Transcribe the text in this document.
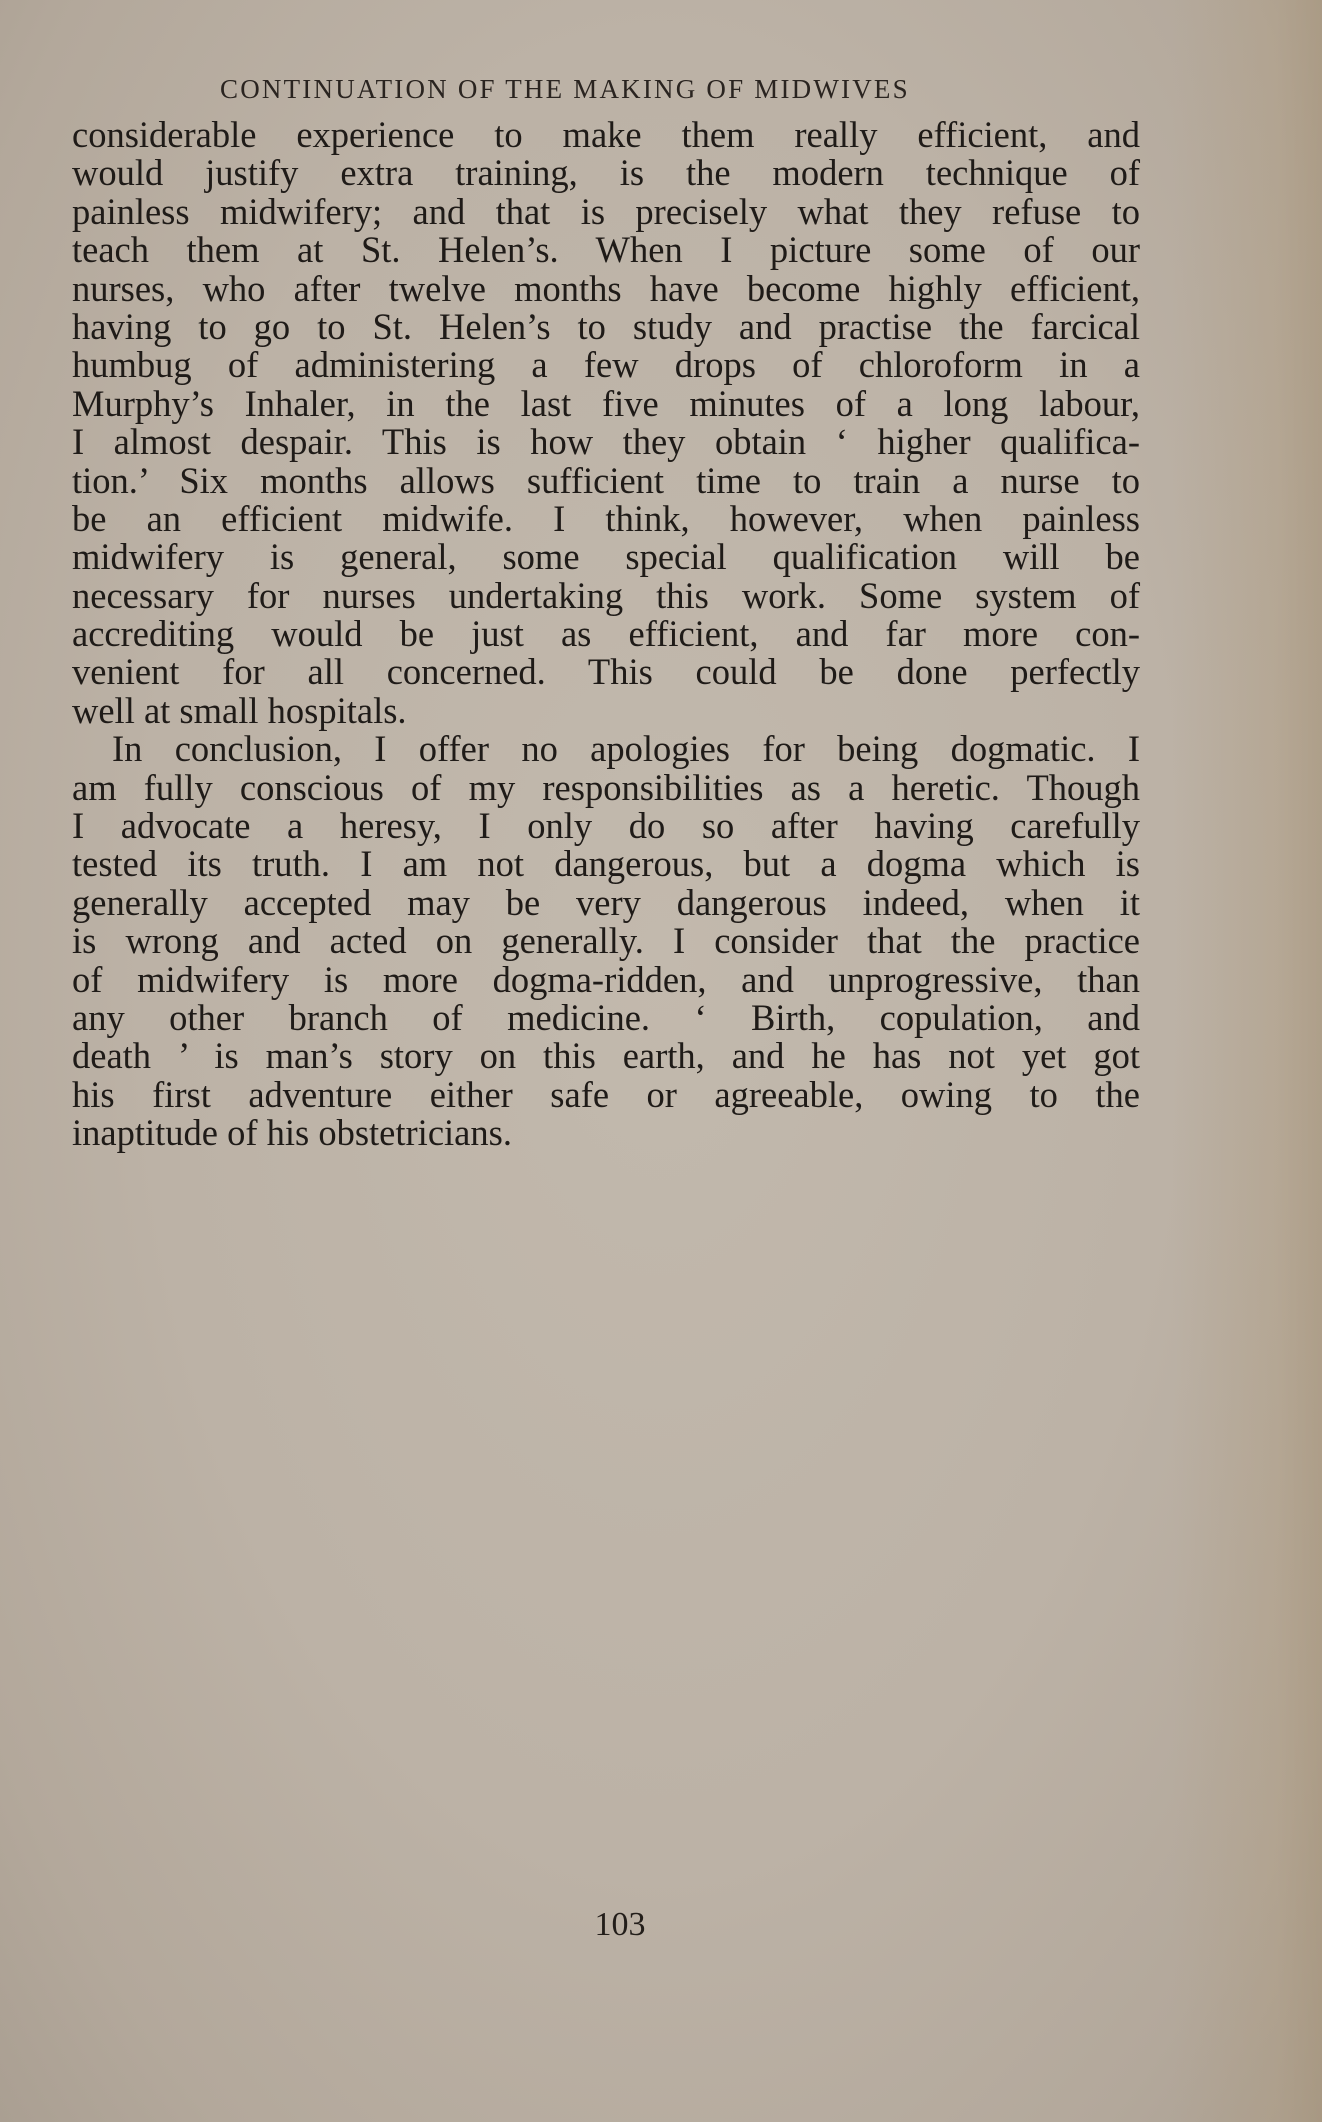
CONTINUATION OF THE MAKING OF MIDWIVES
considerable experience to make them really efficient, and
would justify extra training, is the modern technique of
painless midwifery; and that is precisely what they refuse to
teach them at St. Helen’s. When I picture some of our
nurses, who after twelve months have become highly efficient,
having to go to St. Helen’s to study and practise the farcical
humbug of administering a few drops of chloroform in a
Murphy’s Inhaler, in the last five minutes of a long labour,
I almost despair. This is how they obtain ‘ higher qualifica-
tion.’ Six months allows sufficient time to train a nurse to
be an efficient midwife. I think, however, when painless
midwifery is general, some special qualification will be
necessary for nurses undertaking this work. Some system of
accrediting would be just as efficient, and far more con-
venient for all concerned. This could be done perfectly
well at small hospitals.
In conclusion, I offer no apologies for being dogmatic. I
am fully conscious of my responsibilities as a heretic. Though
I advocate a heresy, I only do so after having carefully
tested its truth. I am not dangerous, but a dogma which is
generally accepted may be very dangerous indeed, when it
is wrong and acted on generally. I consider that the practice
of midwifery is more dogma-ridden, and unprogressive, than
any other branch of medicine. ‘ Birth, copulation, and
death ’ is man’s story on this earth, and he has not yet got
his first adventure either safe or agreeable, owing to the
inaptitude of his obstetricians.
103
